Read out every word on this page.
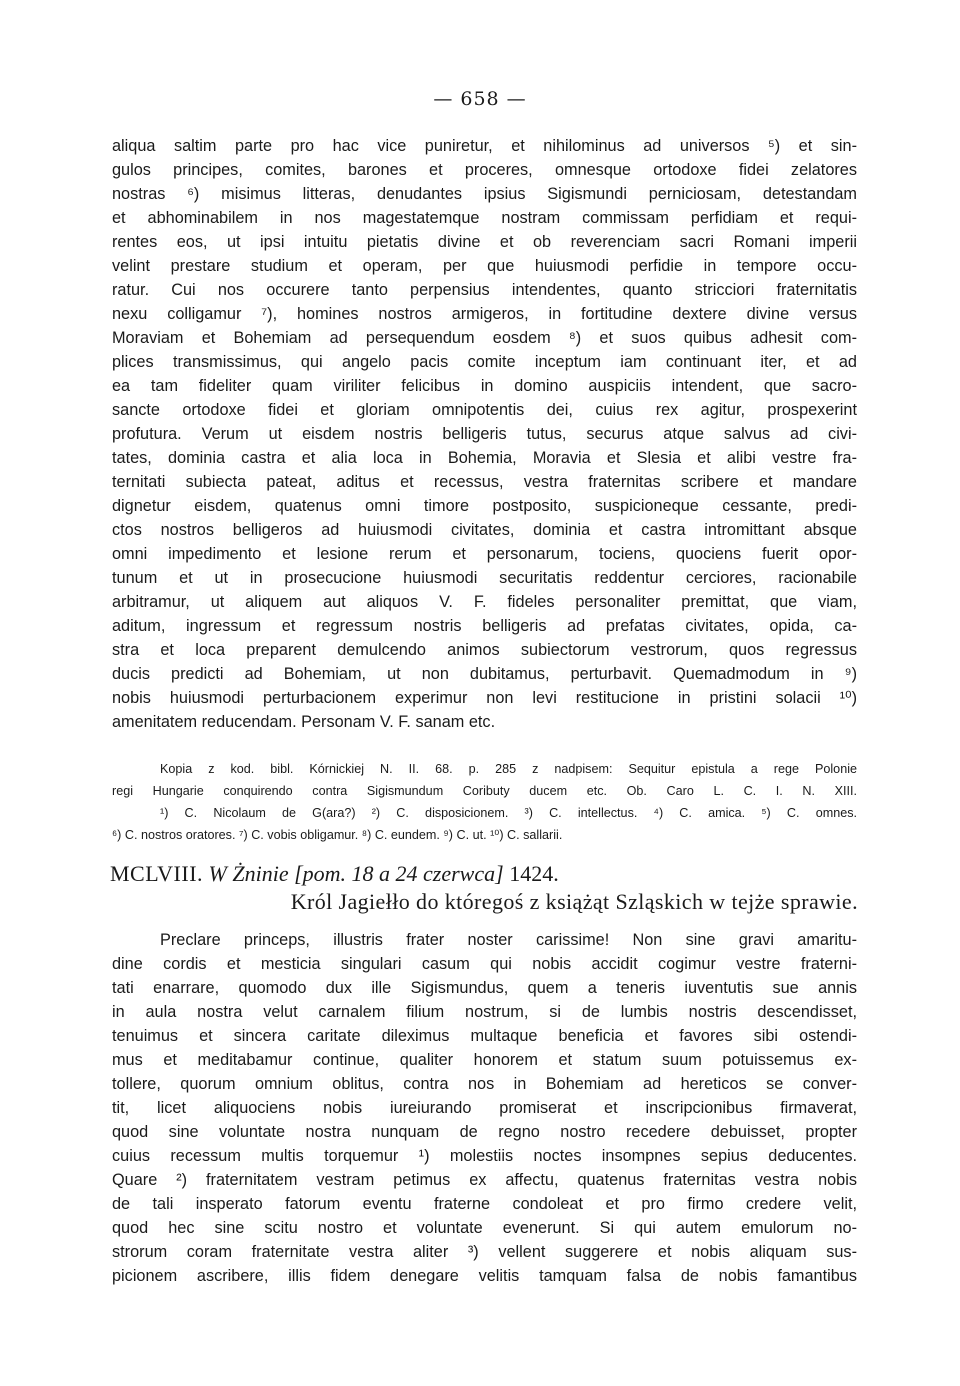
— 658 —
aliqua saltim parte pro hac vice puniretur, et nihilominus ad universos ⁵) et sin-
gulos principes, comites, barones et proceres, omnesque ortodoxe fidei zelatores
nostras ⁶) misimus litteras, denudantes ipsius Sigismundi perniciosam, detestandam
et abhominabilem in nos magestatemque nostram commissam perfidiam et requi-
rentes eos, ut ipsi intuitu pietatis divine et ob reverenciam sacri Romani imperii
velint prestare studium et operam, per que huiusmodi perfidie in tempore occu-
ratur. Cui nos occurere tanto perpensius intendentes, quanto stricciori fraternitatis
nexu colligamur ⁷), homines nostros armigeros, in fortitudine dextere divine versus
Moraviam et Bohemiam ad persequendum eosdem ⁸) et suos quibus adhesit com-
plices transmissimus, qui angelo pacis comite inceptum iam continuant iter, et ad
ea tam fideliter quam viriliter felicibus in domino auspiciis intendent, que sacro-
sancte ortodoxe fidei et gloriam omnipotentis dei, cuius rex agitur, prospexerint
profutura. Verum ut eisdem nostris belligeris tutus, securus atque salvus ad civi-
tates, dominia castra et alia loca in Bohemia, Moravia et Slesia et alibi vestre fra-
ternitati subiecta pateat, aditus et recessus, vestra fraternitas scribere et mandare
dignetur eisdem, quatenus omni timore postposito, suspicioneque cessante, predi-
ctos nostros belligeros ad huiusmodi civitates, dominia et castra intromittant absque
omni impedimento et lesione rerum et personarum, tociens, quociens fuerit opor-
tunum et ut in prosecucione huiusmodi securitatis reddentur cerciores, racionabile
arbitramur, ut aliquem aut aliquos V. F. fideles personaliter premittat, que viam,
aditum, ingressum et regressum nostris belligeris ad prefatas civitates, opida, ca-
stra et loca preparent demulcendo animos subiectorum vestrorum, quos regressus
ducis predicti ad Bohemiam, ut non dubitamus, perturbavit. Quemadmodum in ⁹)
nobis huiusmodi perturbacionem experimur non levi restitucione in pristini solacii ¹⁰)
amenitatem reducendam. Personam V. F. sanam etc.
Kopia z kod. bibl. Kórnickiej N. II. 68. p. 285 z nadpisem: Sequitur epistula a rege Polonie
regi Hungarie conquirendo contra Sigismundum Coributy ducem etc. Ob. Caro L. C. I. N. XIII.
¹) C. Nicolaum de G(ara?) ²) C. disposicionem. ³) C. intellectus. ⁴) C. amica. ⁵) C. omnes.
⁶) C. nostros oratores. ⁷) C. vobis obligamur. ⁸) C. eundem. ⁹) C. ut. ¹⁰) C. sallarii.
MCLVIII. W Żninie [pom. 18 a 24 czerwca] 1424.
Król Jagiełło do któregoś z książąt Szląskich w tejże sprawie.
Preclare princeps, illustris frater noster carissime! Non sine gravi amaritu-
dine cordis et mesticia singulari casum qui nobis accidit cogimur vestre fraterni-
tati enarrare, quomodo dux ille Sigismundus, quem a teneris iuventutis sue annis
in aula nostra velut carnalem filium nostrum, si de lumbis nostris descendisset,
tenuimus et sincera caritate dileximus multaque beneficia et favores sibi ostendi-
mus et meditabamur continue, qualiter honorem et statum suum potuissemus ex-
tollere, quorum omnium oblitus, contra nos in Bohemiam ad hereticos se conver-
tit, licet aliquociens nobis iureiurando promiserat et inscripcionibus firmaverat,
quod sine voluntate nostra nunquam de regno nostro recedere debuisset, propter
cuius recessum multis torquemur ¹) molestiis noctes insompnes sepius deducentes.
Quare ²) fraternitatem vestram petimus ex affectu, quatenus fraternitas vestra nobis
de tali insperato fatorum eventu fraterne condoleat et pro firmo credere velit,
quod hec sine scitu nostro et voluntate evenerunt. Si qui autem emulorum no-
strorum coram fraternitate vestra aliter ³) vellent suggerere et nobis aliquam sus-
picionem ascribere, illis fidem denegare velitis tamquam falsa de nobis famantibus
